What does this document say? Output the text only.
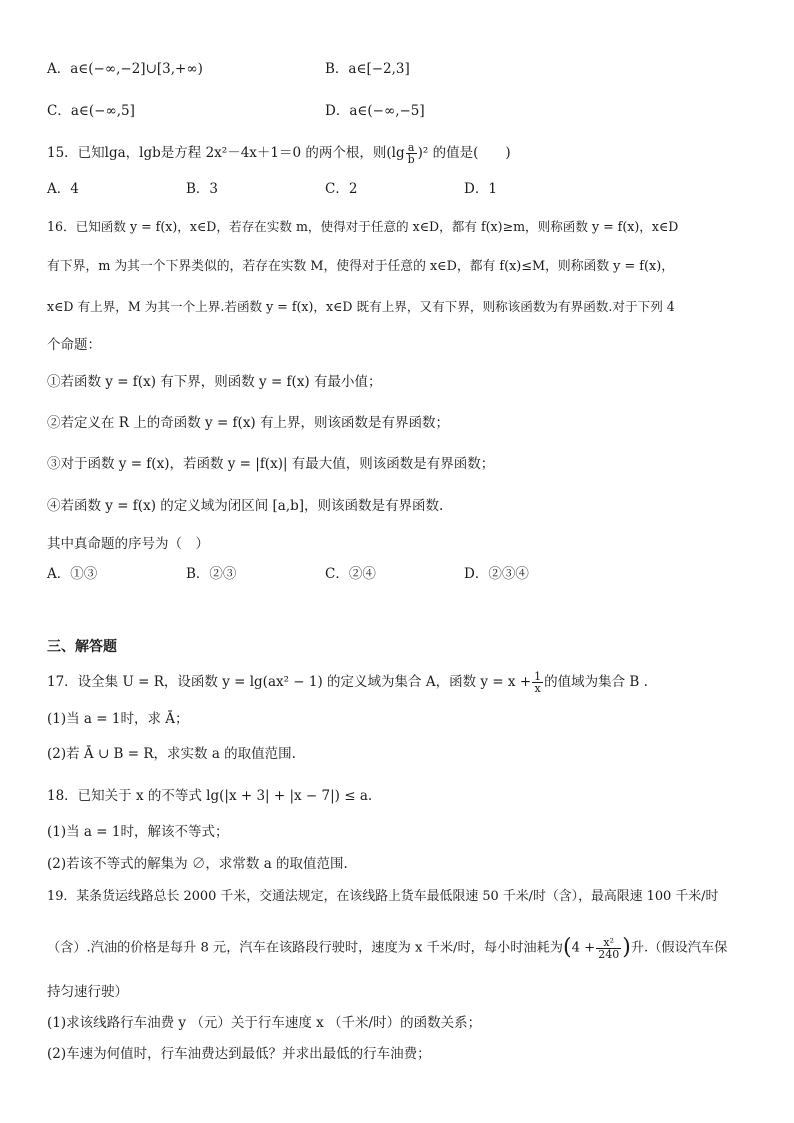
A．a∈(−∞,−2]∪[3,+∞)	B．a∈[−2,3]
C．a∈(−∞,5]	D．a∈(−∞,−5]
15．已知lga，lgb是方程 2x²－4x＋1＝0 的两个根，则$(\lg \frac{a}{b} )^2$ 的值是(　　)
A．4	B．3	C．2	D．1
16．已知函数 y = f(x)，x∈D，若存在实数 m，使得对于任意的 x∈D，都有 f(x)≥m，则称函数 y = f(x)，x∈D
有下界，m 为其一个下界类似的，若存在实数 M，使得对于任意的 x∈D，都有 f(x)≤M，则称函数 y = f(x)，
x∈D 有上界，M 为其一个上界.若函数 y = f(x)，x∈D 既有上界，又有下界，则称该函数为有界函数.对于下列 4
个命题：
①若函数 y = f(x) 有下界，则函数 y = f(x) 有最小值；
②若定义在 R 上的奇函数 y = f(x) 有上界，则该函数是有界函数；
③对于函数 y = f(x)，若函数 y = |f(x)| 有最大值，则该函数是有界函数；
④若函数 y = f(x) 的定义域为闭区间 [a,b]，则该函数是有界函数.
其中真命题的序号为（　）
A．①③	B．②③	C．②④	D．②③④
三、解答题
17．设全集 U = R，设函数 y = lg(ax² − 1) 的定义域为集合 A，函数 $y = x + \frac{1}{x}$ 的值域为集合 B .
(1)当 a = 1时，求 Ā；
(2)若 Ā ∪ B = R，求实数 a 的取值范围.
18．已知关于 x 的不等式 lg(|x + 3| + |x − 7|) ≤ a.
(1)当 a = 1时，解该不等式；
(2)若该不等式的解集为 ∅，求常数 a 的取值范围.
19．某条货运线路总长 2000 千米，交通法规定，在该线路上货车最低限速 50 千米/时（含），最高限速 100 千米/时
（含）.汽油的价格是每升 8 元，汽车在该路段行驶时，速度为 x 千米/时，每小时油耗为($4 + \frac{\text{x²}}{240}$ )升.（假设汽车保
持匀速行驶）
(1)求该线路行车油费 y （元）关于行车速度 x （千米/时）的函数关系；
(2)车速为何值时，行车油费达到最低？并求出最低的行车油费；
